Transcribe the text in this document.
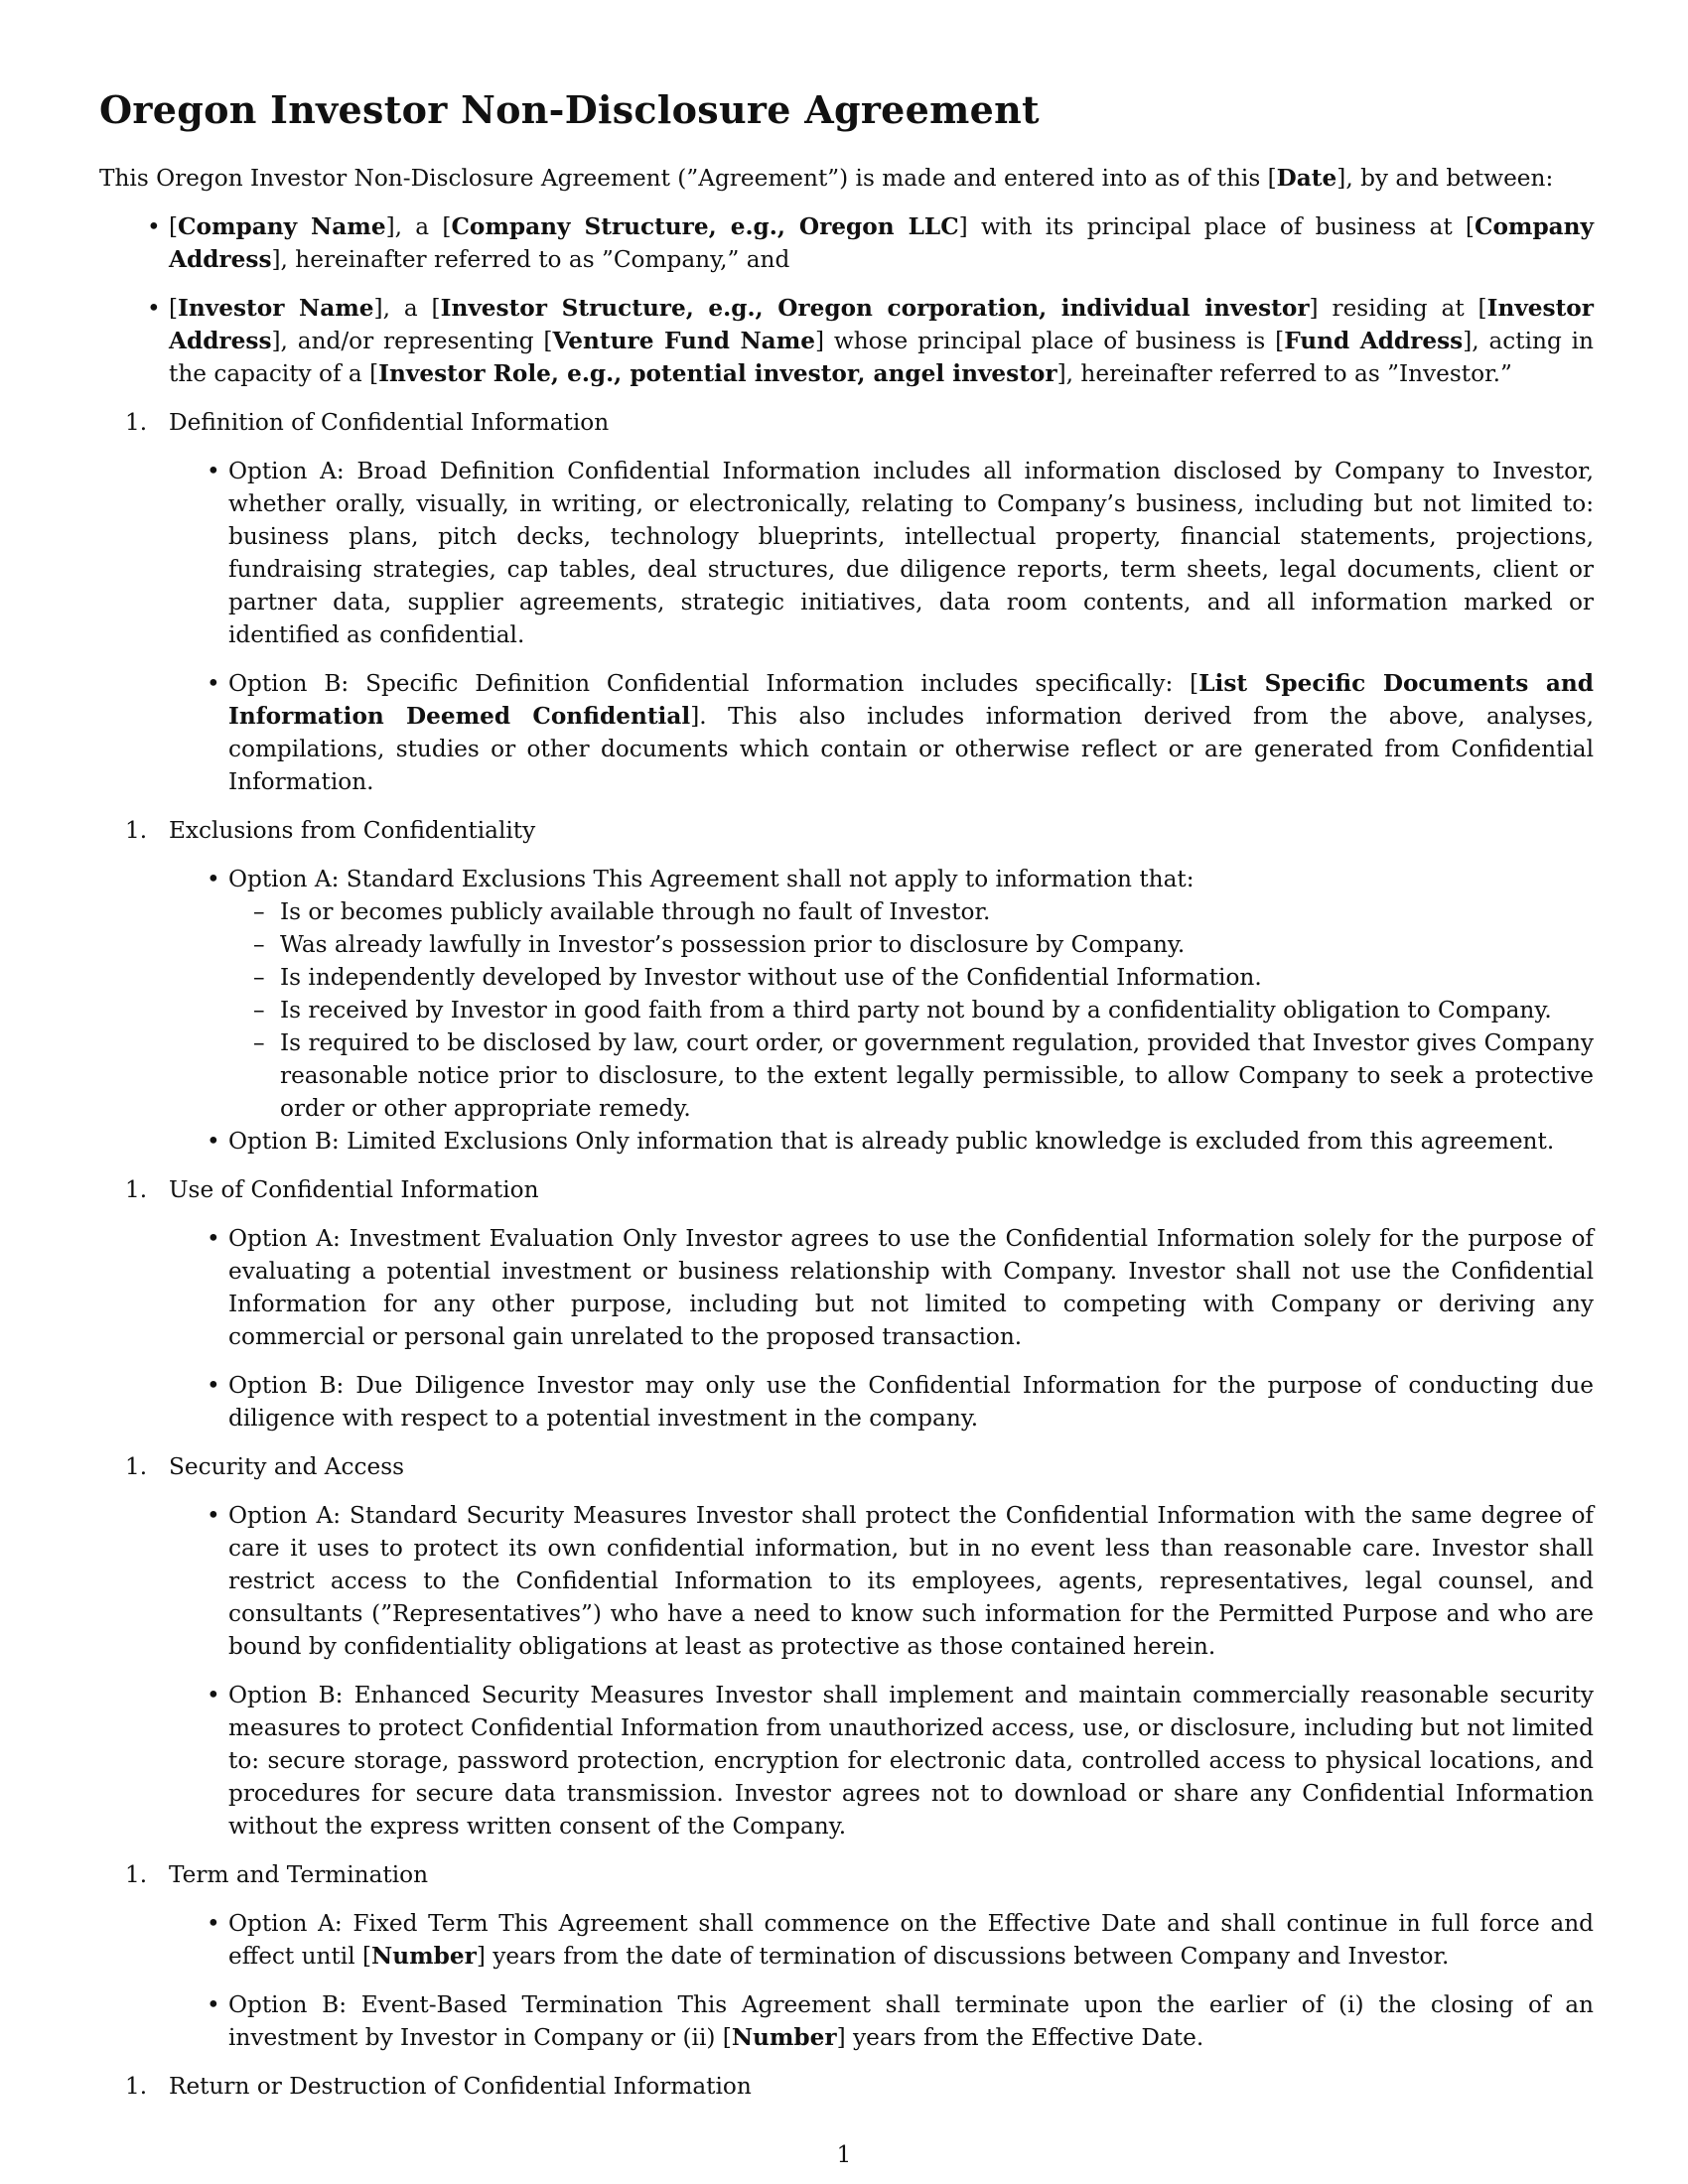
Oregon Investor Non-Disclosure Agreement

This Oregon Investor Non-Disclosure Agreement (”Agreement”) is made and entered into as of this [Date], by and between:

• [Company Name], a [Company Structure, e.g., Oregon LLC] with its principal place of business at [Company Address], hereinafter referred to as ”Company,” and
• [Investor Name], a [Investor Structure, e.g., Oregon corporation, individual investor] residing at [Investor Address], and/or representing [Venture Fund Name] whose principal place of business is [Fund Address], acting in the capacity of a [Investor Role, e.g., potential investor, angel investor], hereinafter referred to as ”Investor.”

1. Definition of Confidential Information

• Option A: Broad Definition Confidential Information includes all information disclosed by Company to Investor, whether orally, visually, in writing, or electronically, relating to Company’s business, including but not limited to: business plans, pitch decks, technology blueprints, intellectual property, financial statements, projections, fundraising strategies, cap tables, deal structures, due diligence reports, term sheets, legal documents, client or partner data, supplier agreements, strategic initiatives, data room contents, and all information marked or identified as confidential.
• Option B: Specific Definition Confidential Information includes specifically: [List Specific Documents and Information Deemed Confidential]. This also includes information derived from the above, analyses, compilations, studies or other documents which contain or otherwise reflect or are generated from Confidential Information.

1. Exclusions from Confidentiality

• Option A: Standard Exclusions This Agreement shall not apply to information that:
– Is or becomes publicly available through no fault of Investor.
– Was already lawfully in Investor’s possession prior to disclosure by Company.
– Is independently developed by Investor without use of the Confidential Information.
– Is received by Investor in good faith from a third party not bound by a confidentiality obligation to Company.
– Is required to be disclosed by law, court order, or government regulation, provided that Investor gives Company reasonable notice prior to disclosure, to the extent legally permissible, to allow Company to seek a protective order or other appropriate remedy.
• Option B: Limited Exclusions Only information that is already public knowledge is excluded from this agreement.

1. Use of Confidential Information

• Option A: Investment Evaluation Only Investor agrees to use the Confidential Information solely for the purpose of evaluating a potential investment or business relationship with Company. Investor shall not use the Confidential Information for any other purpose, including but not limited to competing with Company or deriving any commercial or personal gain unrelated to the proposed transaction.
• Option B: Due Diligence Investor may only use the Confidential Information for the purpose of conducting due diligence with respect to a potential investment in the company.

1. Security and Access

• Option A: Standard Security Measures Investor shall protect the Confidential Information with the same degree of care it uses to protect its own confidential information, but in no event less than reasonable care. Investor shall restrict access to the Confidential Information to its employees, agents, representatives, legal counsel, and consultants (”Representatives”) who have a need to know such information for the Permitted Purpose and who are bound by confidentiality obligations at least as protective as those contained herein.
• Option B: Enhanced Security Measures Investor shall implement and maintain commercially reasonable security measures to protect Confidential Information from unauthorized access, use, or disclosure, including but not limited to: secure storage, password protection, encryption for electronic data, controlled access to physical locations, and procedures for secure data transmission. Investor agrees not to download or share any Confidential Information without the express written consent of the Company.

1. Term and Termination

• Option A: Fixed Term This Agreement shall commence on the Effective Date and shall continue in full force and effect until [Number] years from the date of termination of discussions between Company and Investor.
• Option B: Event-Based Termination This Agreement shall terminate upon the earlier of (i) the closing of an investment by Investor in Company or (ii) [Number] years from the Effective Date.

1. Return or Destruction of Confidential Information

1
